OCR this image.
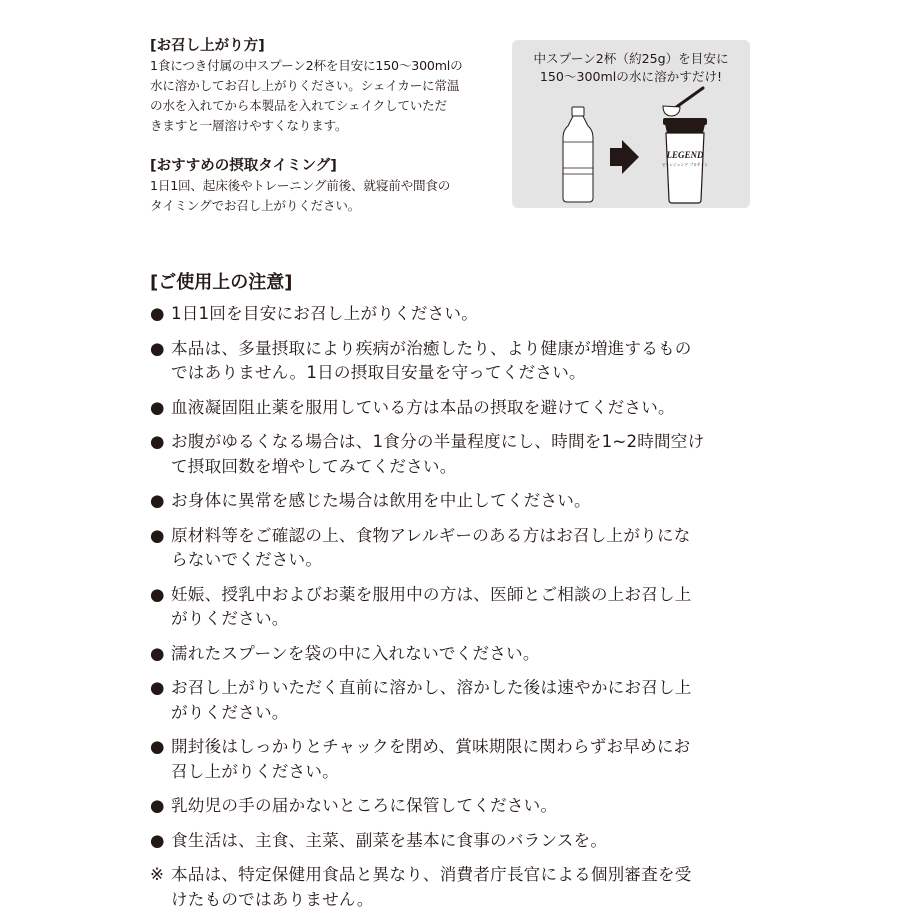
[お召し上がり方]

1食につき付属の中スプーン2杯を目安に150〜300mlの
水に溶かしてお召し上がりください。シェイカーに常温
の水を入れてから本製品を入れてシェイクしていただ
きますと一層溶けやすくなります。

[おすすめの摂取タイミング]

1日1回、起床後やトレーニング前後、就寝前や間食の
タイミングでお召し上がりください。

中スプーン2杯（約25g）を目安に
150〜300mlの水に溶かすだけ!
LEGEND
ビーレジェンド プロテイン

[ご使用上の注意]

● 1日1回を目安にお召し上がりください。
● 本品は、多量摂取により疾病が治癒したり、より健康が増進するもの
ではありません。1日の摂取目安量を守ってください。
● 血液凝固阻止薬を服用している方は本品の摂取を避けてください。
● お腹がゆるくなる場合は、1食分の半量程度にし、時間を1~2時間空け
て摂取回数を増やしてみてください。
● お身体に異常を感じた場合は飲用を中止してください。
● 原材料等をご確認の上、食物アレルギーのある方はお召し上がりにな
らないでください。
● 妊娠、授乳中およびお薬を服用中の方は、医師とご相談の上お召し上
がりください。
● 濡れたスプーンを袋の中に入れないでください。
● お召し上がりいただく直前に溶かし、溶かした後は速やかにお召し上
がりください。
● 開封後はしっかりとチャックを閉め、賞味期限に関わらずお早めにお
召し上がりください。
● 乳幼児の手の届かないところに保管してください。
● 食生活は、主食、主菜、副菜を基本に食事のバランスを。
※ 本品は、特定保健用食品と異なり、消費者庁長官による個別審査を受
けたものではありません。
